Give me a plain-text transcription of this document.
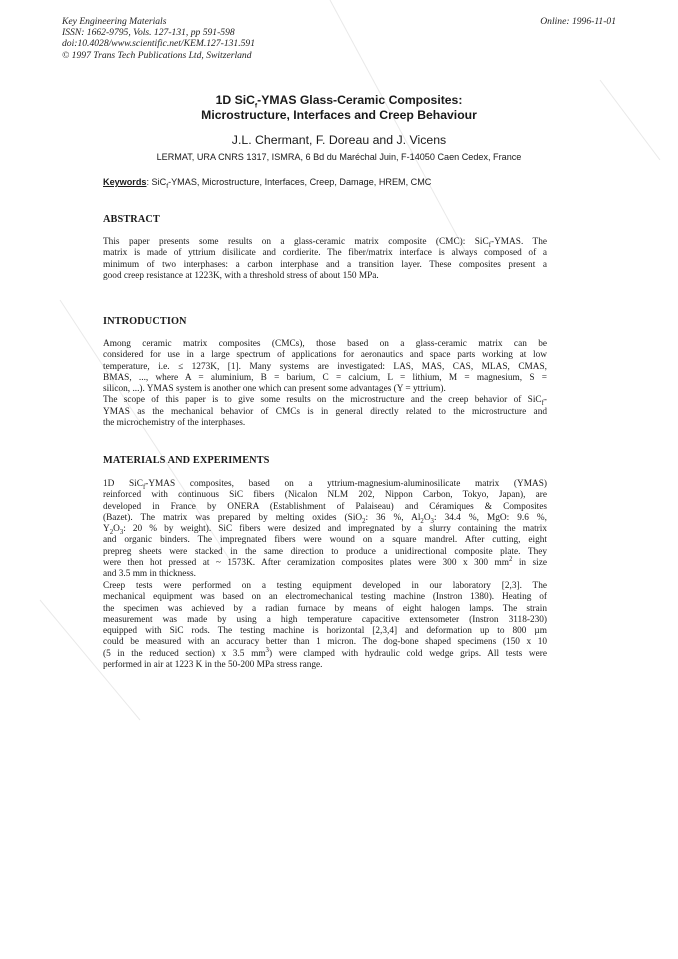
Key Engineering Materials
ISSN: 1662-9795, Vols. 127-131, pp 591-598
doi:10.4028/www.scientific.net/KEM.127-131.591
© 1997 Trans Tech Publications Ltd, Switzerland
Online: 1996-11-01
1D SiC$_f$-YMAS Glass-Ceramic Composites:
Microstructure, Interfaces and Creep Behaviour
J.L. Chermant, F. Doreau and J. Vicens
LERMAT, URA CNRS 1317, ISMRA, 6 Bd du Maréchal Juin, F-14050 Caen Cedex, France
Keywords: SiC$_f$-YMAS, Microstructure, Interfaces, Creep, Damage, HREM, CMC
ABSTRACT
This paper presents some results on a glass-ceramic matrix composite (CMC): SiC$_f$-YMAS. The
matrix is made of yttrium disilicate and cordierite. The fiber/matrix interface is always composed of a
minimum of two interphases: a carbon interphase and a transition layer. These composites present a
good creep resistance at 1223K, with a threshold stress of about 150 MPa.
INTRODUCTION
Among ceramic matrix composites (CMCs), those based on a glass-ceramic matrix can be
considered for use in a large spectrum of applications for aeronautics and space parts working at low
temperature, i.e. ≤ 1273K, [1]. Many systems are investigated: LAS, MAS, CAS, MLAS, CMAS,
BMAS, ..., where A = aluminium, B = barium, C = calcium, L = lithium, M = magnesium, S =
silicon, ...). YMAS system is another one which can present some advantages (Y = yttrium).
The scope of this paper is to give some results on the microstructure and the creep behavior of SiC$_f$-
YMAS as the mechanical behavior of CMCs is in general directly related to the microstructure and
the microchemistry of the interphases.
MATERIALS AND EXPERIMENTS
1D SiC$_f$-YMAS composites, based on a yttrium-magnesium-aluminosilicate matrix (YMAS)
reinforced with continuous SiC fibers (Nicalon NLM 202, Nippon Carbon, Tokyo, Japan), are
developed in France by ONERA (Establishment of Palaiseau) and Céramiques & Composites
(Bazet). The matrix was prepared by melting oxides (SiO$_2$: 36 %, $Al_2O_3$: 34.4 %, MgO: 9.6 %,
$Y_2O_3$: 20 % by weight). SiC fibers were desized and impregnated by a slurry containing the matrix
and organic binders. The impregnated fibers were wound on a square mandrel. After cutting, eight
prepreg sheets were stacked in the same direction to produce a unidirectional composite plate. They
were then hot pressed at ~ 1573K. After ceramization composites plates were 300 x 300 $mm^2$ in size
and 3.5 mm in thickness.
Creep tests were performed on a testing equipment developed in our laboratory [2,3]. The
mechanical equipment was based on an electromechanical testing machine (Instron 1380). Heating of
the specimen was achieved by a radian furnace by means of eight halogen lamps. The strain
measurement was made by using a high temperature capacitive extensometer (Instron 3118-230)
equipped with SiC rods. The testing machine is horizontal [2,3,4] and deformation up to 800 µm
could be measured with an accuracy better than 1 micron. The dog-bone shaped specimens (150 x 10
(5 in the reduced section) x 3.5 $mm^3$) were clamped with hydraulic cold wedge grips. All tests were
performed in air at 1223 K in the 50-200 MPa stress range.
